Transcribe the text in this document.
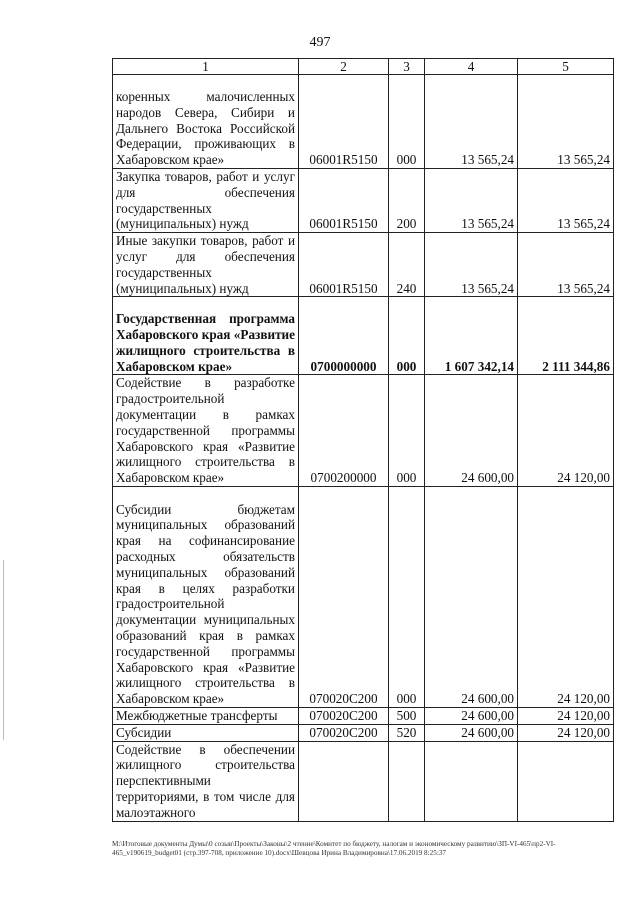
497
1	2	3	4	5
коренных малочисленных народов Севера, Сибири и Дальнего Востока Российской Федерации, проживающих в Хабаровском крае»	06001R5150	000	13 565,24	13 565,24
Закупка товаров, работ и услуг для обеспечения государственных (муниципальных) нужд	06001R5150	200	13 565,24	13 565,24
Иные закупки товаров, работ и услуг для обеспечения государственных (муниципальных) нужд	06001R5150	240	13 565,24	13 565,24
Государственная программа Хабаровского края «Развитие жилищного строительства в Хабаровском крае»	0700000000	000	1 607 342,14	2 111 344,86
Содействие в разработке градостроительной документации в рамках государственной программы Хабаровского края «Развитие жилищного строительства в Хабаровском крае»	0700200000	000	24 600,00	24 120,00
Субсидии бюджетам муниципальных образований края на софинансирование расходных обязательств муниципальных образований края в целях разработки градостроительной документации муниципальных образований края в рамках государственной программы Хабаровского края «Развитие жилищного строительства в Хабаровском крае»	070020С200	000	24 600,00	24 120,00
Межбюджетные трансферты	070020С200	500	24 600,00	24 120,00
Субсидии	070020С200	520	24 600,00	24 120,00
Содействие в обеспечении жилищного строительства перспективными территориями, в том числе для малоэтажного				
М:\Итоговые документы Думы\0 созыв\Проекты\Законы\2 чтение\Комитет по бюджету, налогам и экономическому развитию\ЗП-VI-465\пр2-VI-465_v190619_budget01 (стр.397-708, приложение 10).docx\Шевцова Ирина Владимировна\17.06.2019 8:25:37
